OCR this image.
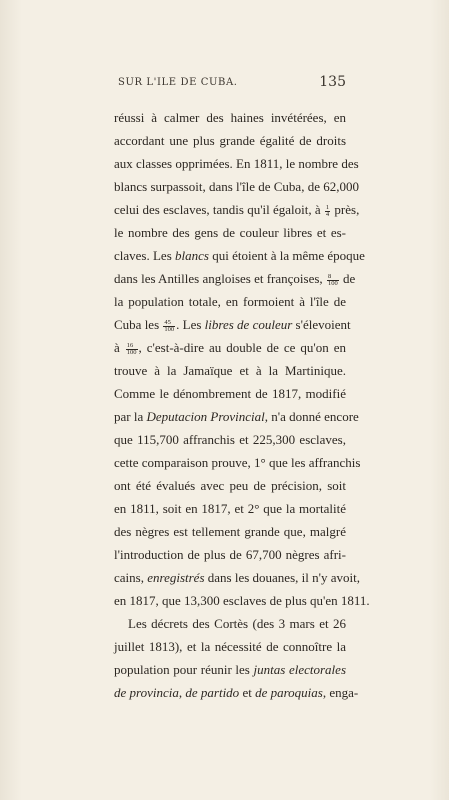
SUR L'ILE DE CUBA.	135
réussi à calmer des haines invétérées, en
accordant une plus grande égalité de droits
aux classes opprimées. En 1811, le nombre des
blancs surpassoit, dans l'île de Cuba, de 62,000
celui des esclaves, tandis qu'il égaloit, à $\frac{1}{4}$ près,
le nombre des gens de couleur libres et es-
claves. Les blancs qui étoient à la même époque
dans les Antilles angloises et françoises, $\frac{8}{100}$ de
la population totale, en formoient à l'île de
Cuba les $\frac{45}{100}$ . Les libres de couleur s'élevoient
à $\frac{16}{100}$ , c'est-à-dire au double de ce qu'on en
trouve à la Jamaïque et à la Martinique.
Comme le dénombrement de 1817, modifié
par la Deputacion Provincial, n'a donné encore
que 115,700 affranchis et 225,300 esclaves,
cette comparaison prouve, 1° que les affranchis
ont été évalués avec peu de précision, soit
en 1811, soit en 1817, et 2° que la mortalité
des nègres est tellement grande que, malgré
l'introduction de plus de 67,700 nègres afri-
cains, enregistrés dans les douanes, il n'y avoit,
en 1817, que 13,300 esclaves de plus qu'en 1811.
Les décrets des Cortès (des 3 mars et 26
juillet 1813), et la nécessité de connoître la
population pour réunir les juntas electorales
de provincia, de partido et de paroquias, enga-
